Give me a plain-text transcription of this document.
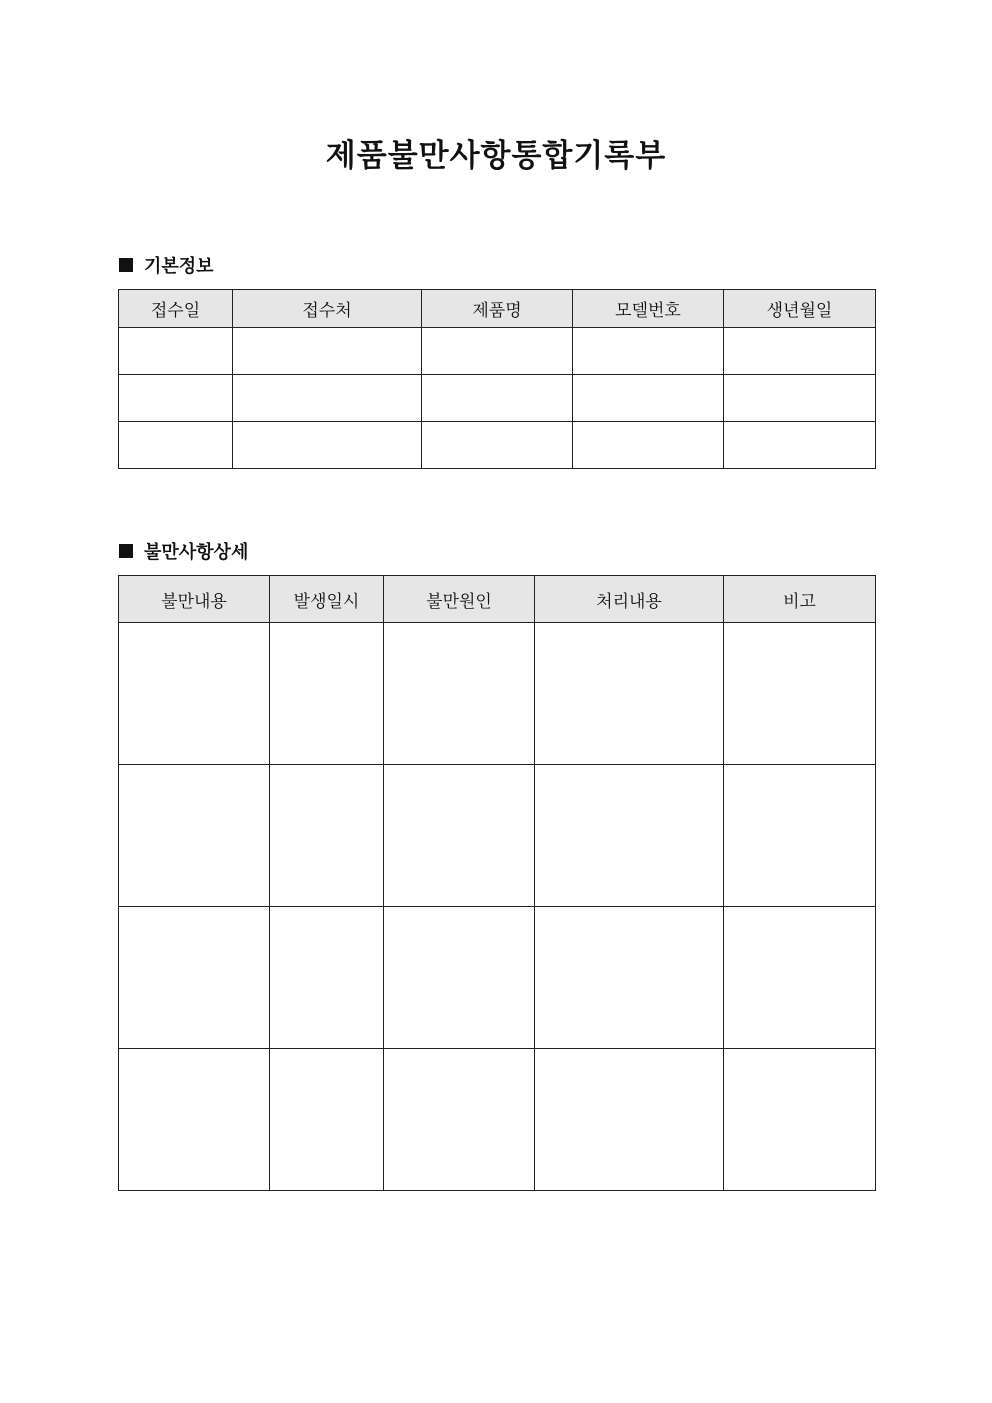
제품불만사항통합기록부
기본정보
접수일	접수처	제품명	모델번호	생년월일

불만사항상세
불만내용	발생일시	불만원인	처리내용	비고
